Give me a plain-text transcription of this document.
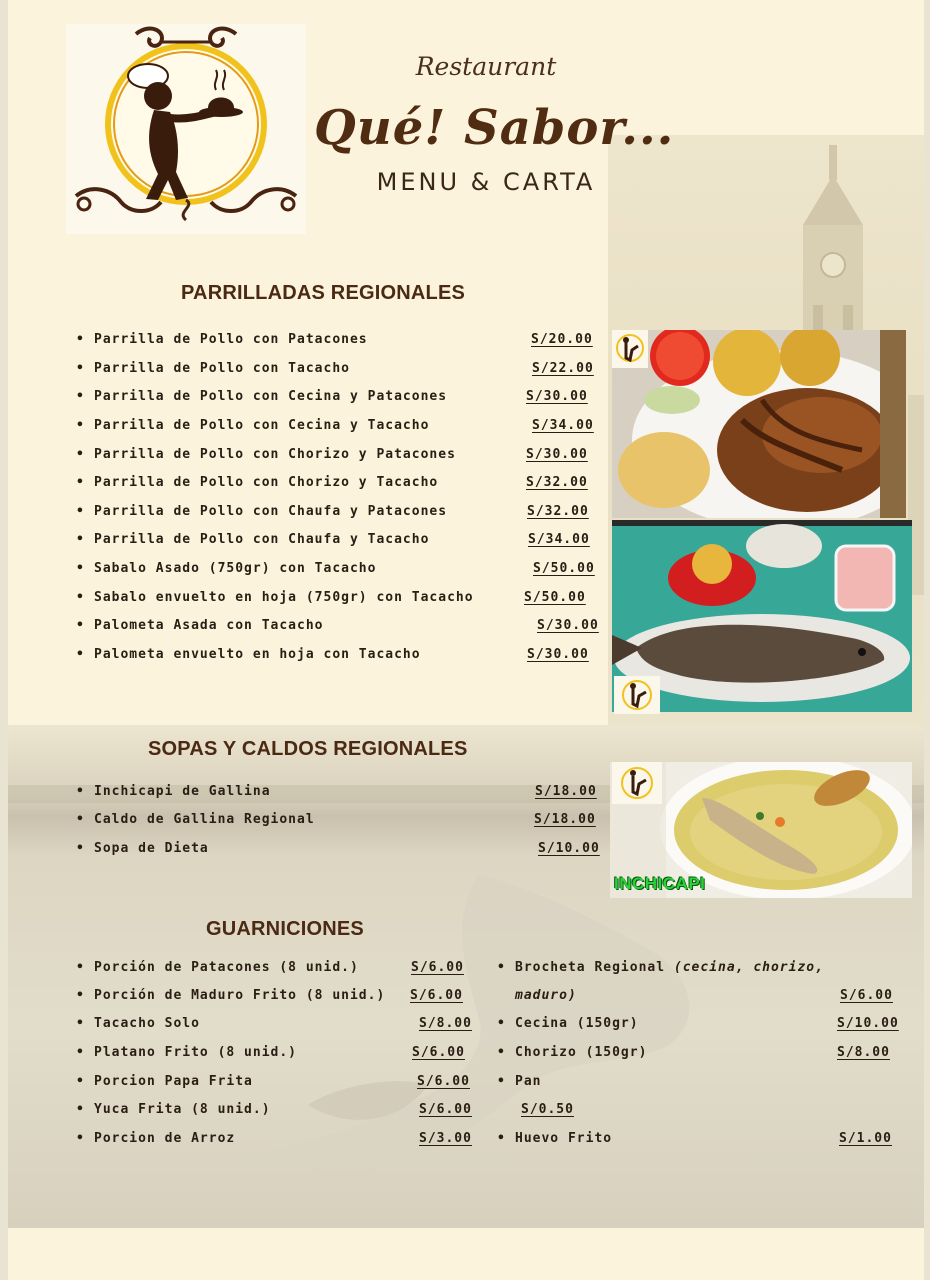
Restaurant
Qué! Sabor...
MENU & CARTA
PARRILLADAS REGIONALES
• Parrilla de Pollo con Patacones	S/20.00
• Parrilla de Pollo con Tacacho	S/22.00
• Parrilla de Pollo con Cecina y Patacones	S/30.00
• Parrilla de Pollo con Cecina y Tacacho	S/34.00
• Parrilla de Pollo con Chorizo y Patacones	S/30.00
• Parrilla de Pollo con Chorizo y Tacacho	S/32.00
• Parrilla de Pollo con Chaufa y Patacones	S/32.00
• Parrilla de Pollo con Chaufa y Tacacho	S/34.00
• Sabalo Asado (750gr) con Tacacho	S/50.00
• Sabalo envuelto en hoja (750gr) con Tacacho	S/50.00
• Palometa Asada con Tacacho	S/30.00
• Palometa envuelto en hoja con Tacacho	S/30.00
SOPAS Y CALDOS REGIONALES
• Inchicapi de Gallina	S/18.00
• Caldo de Gallina Regional	S/18.00
• Sopa de Dieta	S/10.00
INCHICAPI
GUARNICIONES
• Porción de Patacones (8 unid.)	S/6.00
• Porción de Maduro Frito (8 unid.) S/6.00
• Tacacho Solo	S/8.00
• Platano Frito (8 unid.)	S/6.00
• Porcion Papa Frita	S/6.00
• Yuca Frita (8 unid.)	S/6.00
• Porcion de Arroz	S/3.00
• Brocheta Regional (cecina, chorizo,
maduro)	S/6.00
• Cecina (150gr)	S/10.00
• Chorizo (150gr)	S/8.00
• Pan
S/0.50
• Huevo Frito	S/1.00
